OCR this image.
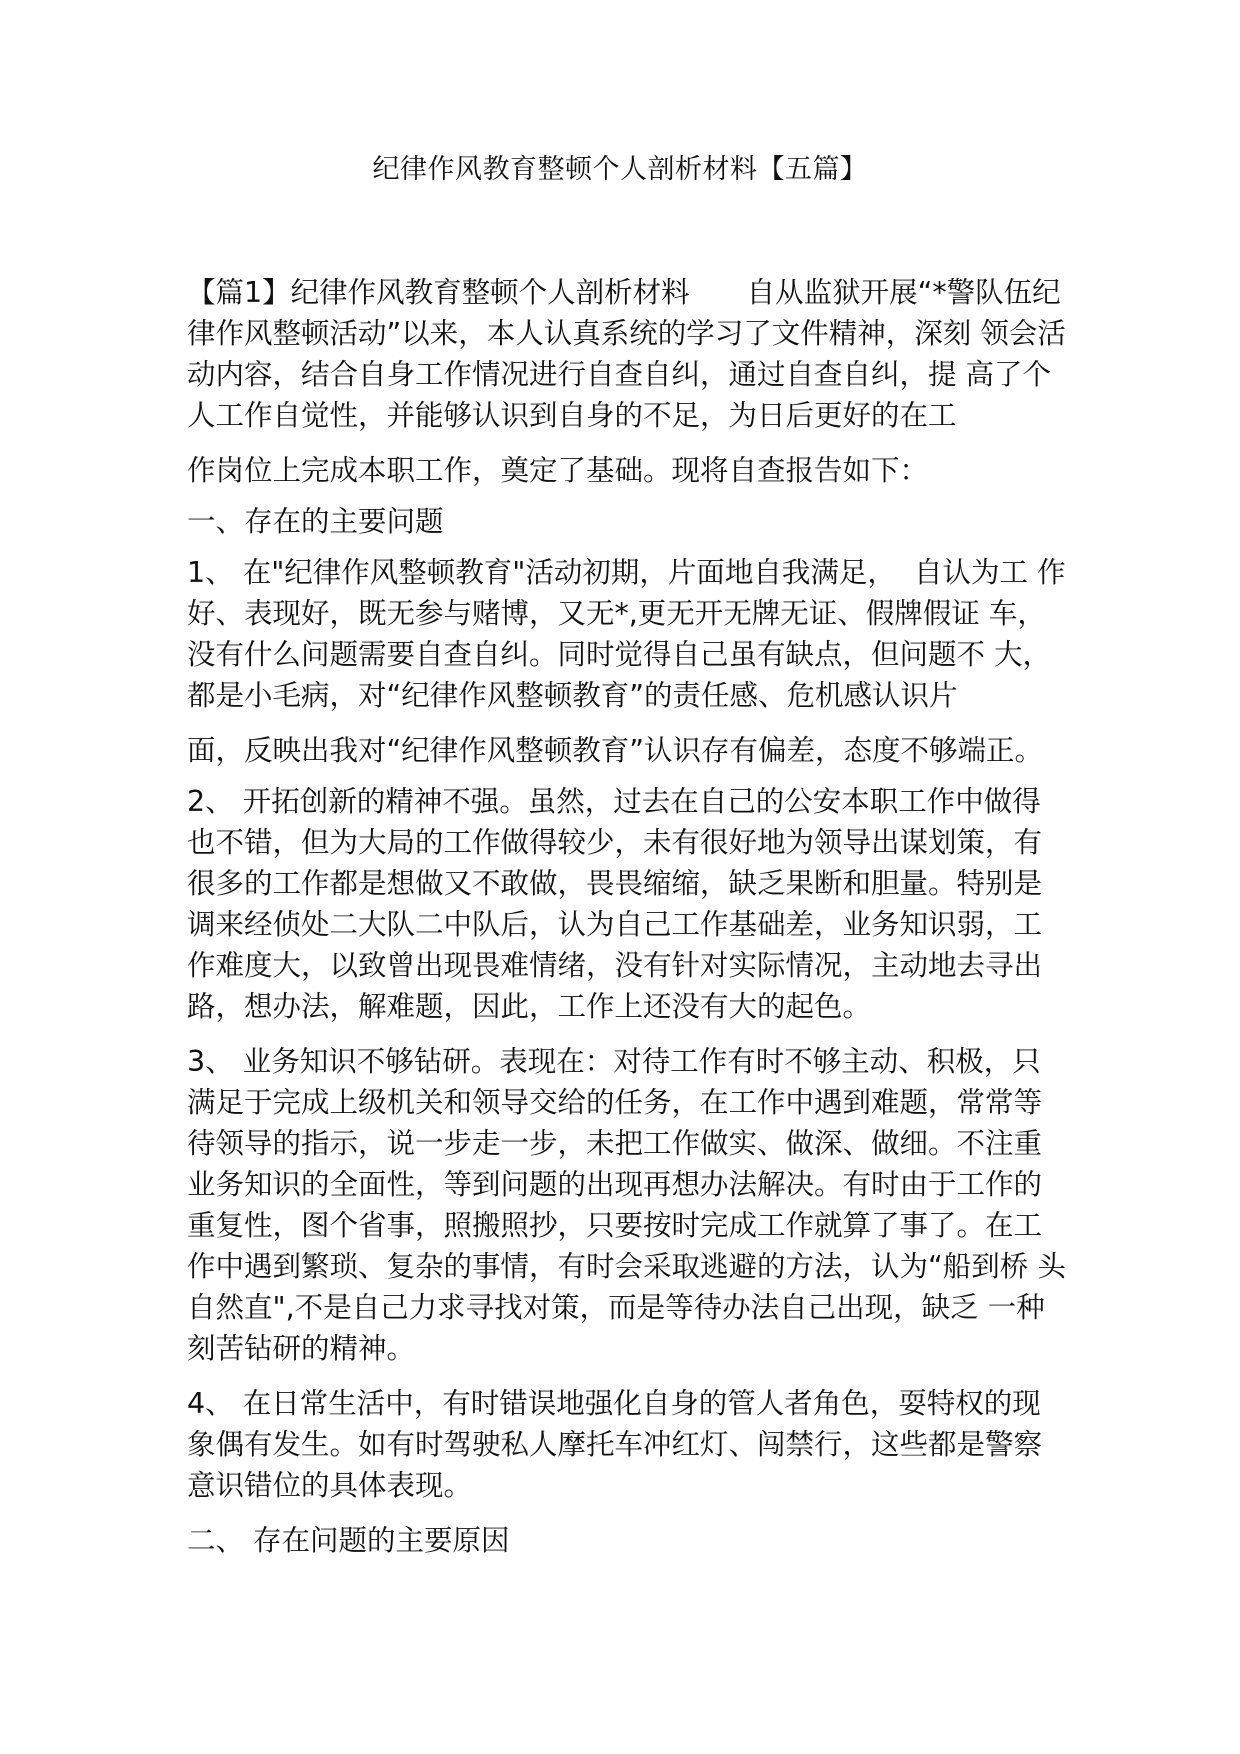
纪律作风教育整顿个人剖析材料【五篇】

【篇1】纪律作风教育整顿个人剖析材料　　自从监狱开展“*警队伍纪律作风整顿活动”以来，本人认真系统的学习了文件精神，深刻 领会活动内容，结合自身工作情况进行自查自纠，通过自查自纠，提 高了个人工作自觉性，并能够认识到自身的不足，为日后更好的在工

作岗位上完成本职工作，奠定了基础。现将自查报告如下：

一、存在的主要问题

1、 在"纪律作风整顿教育"活动初期，片面地自我满足，  自认为工 作好、表现好，既无参与赌博，又无*,更无开无牌无证、假牌假证 车，没有什么问题需要自查自纠。同时觉得自己虽有缺点，但问题不 大，都是小毛病，对“纪律作风整顿教育”的责任感、危机感认识片

面，反映出我对“纪律作风整顿教育”认识存有偏差，态度不够端正。

2、 开拓创新的精神不强。虽然，过去在自己的公安本职工作中做得 也不错，但为大局的工作做得较少，未有很好地为领导出谋划策，有 很多的工作都是想做又不敢做，畏畏缩缩，缺乏果断和胆量。特别是 调来经侦处二大队二中队后，认为自己工作基础差，业务知识弱，工 作难度大，以致曾出现畏难情绪，没有针对实际情况，主动地去寻出 路，想办法，解难题，因此，工作上还没有大的起色。

3、 业务知识不够钻研。表现在：对待工作有时不够主动、积极，只 满足于完成上级机关和领导交给的任务，在工作中遇到难题，常常等 待领导的指示，说一步走一步，未把工作做实、做深、做细。不注重 业务知识的全面性，等到问题的出现再想办法解决。有时由于工作的 重复性，图个省事，照搬照抄，只要按时完成工作就算了事了。在工 作中遇到繁琐、复杂的事情，有时会采取逃避的方法，认为“船到桥 头自然直",不是自己力求寻找对策，而是等待办法自己出现，缺乏 一种刻苦钻研的精神。

4、 在日常生活中，有时错误地强化自身的管人者角色，耍特权的现 象偶有发生。如有时驾驶私人摩托车冲红灯、闯禁行，这些都是警察 意识错位的具体表现。

二、 存在问题的主要原因
